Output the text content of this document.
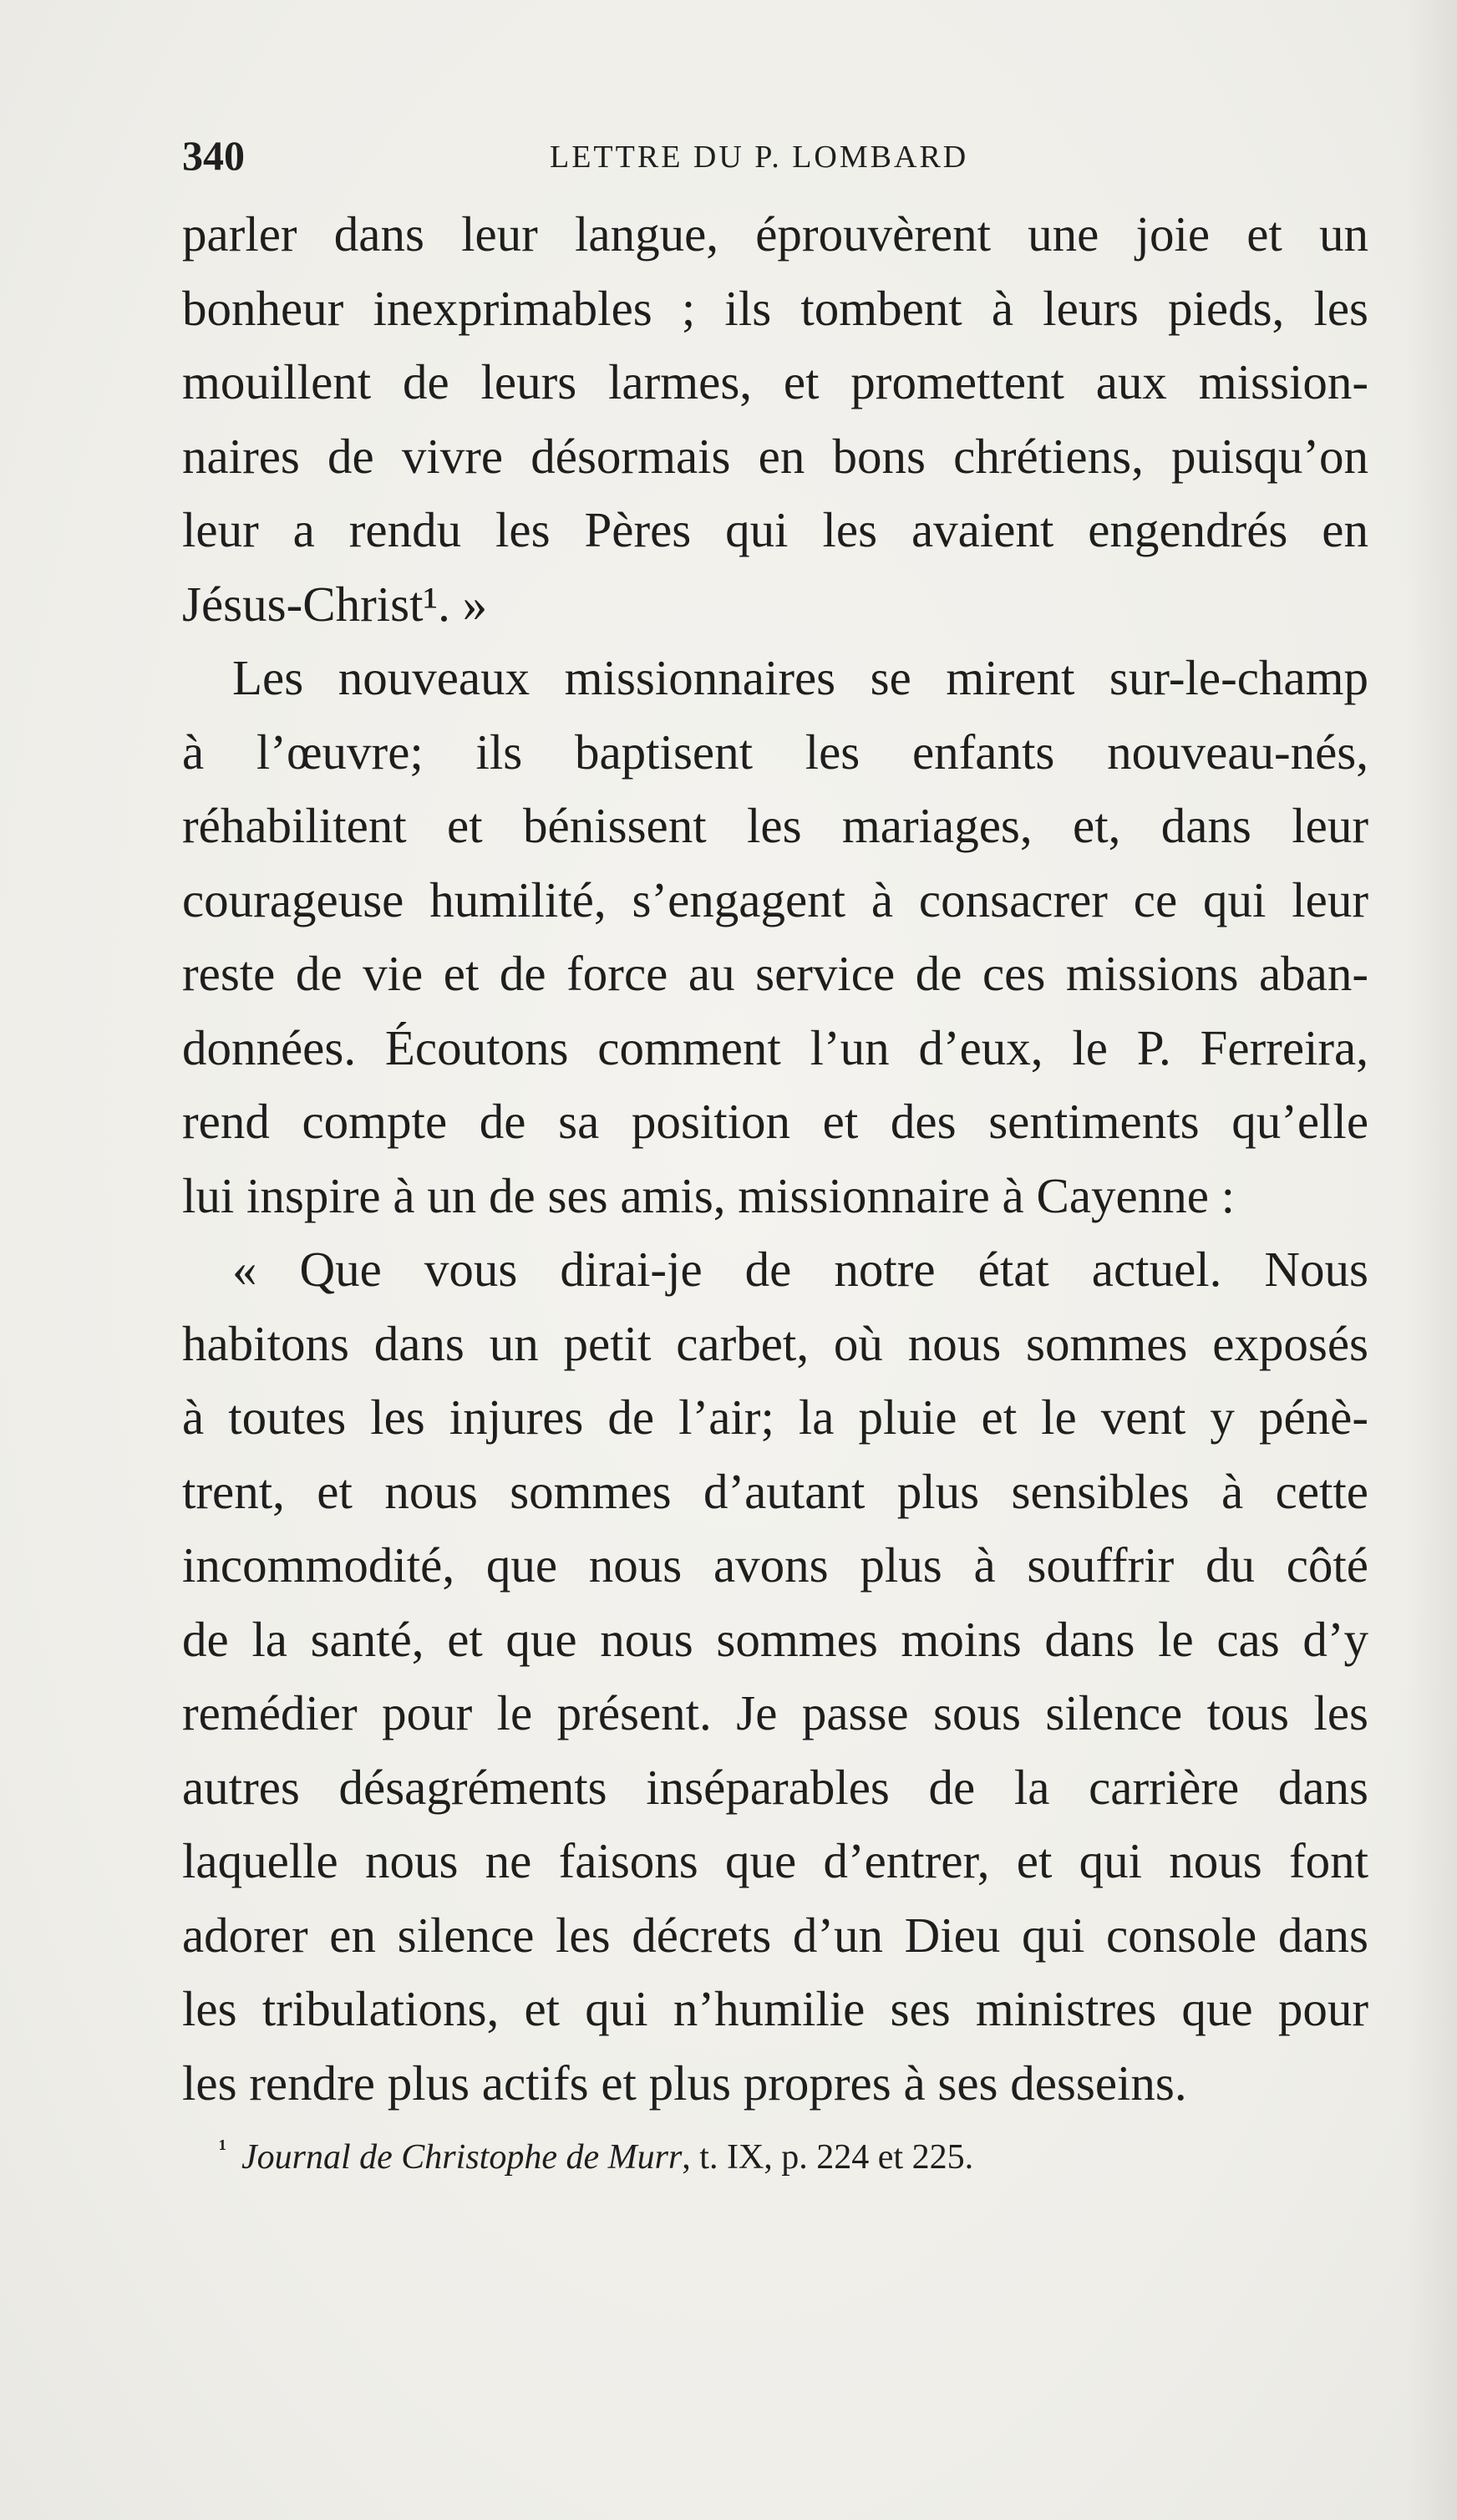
340	LETTRE DU P. LOMBARD
parler dans leur langue, éprouvèrent une joie et un
bonheur inexprimables ; ils tombent à leurs pieds, les
mouillent de leurs larmes, et promettent aux mission-
naires de vivre désormais en bons chrétiens, puisqu’on
leur a rendu les Pères qui les avaient engendrés en
Jésus-Christ¹. »
Les nouveaux missionnaires se mirent sur-le-champ
à l’œuvre; ils baptisent les enfants nouveau-nés,
réhabilitent et bénissent les mariages, et, dans leur
courageuse humilité, s’engagent à consacrer ce qui leur
reste de vie et de force au service de ces missions aban-
données. Écoutons comment l’un d’eux, le P. Ferreira,
rend compte de sa position et des sentiments qu’elle
lui inspire à un de ses amis, missionnaire à Cayenne :
« Que vous dirai-je de notre état actuel. Nous
habitons dans un petit carbet, où nous sommes exposés
à toutes les injures de l’air; la pluie et le vent y pénè-
trent, et nous sommes d’autant plus sensibles à cette
incommodité, que nous avons plus à souffrir du côté
de la santé, et que nous sommes moins dans le cas d’y
remédier pour le présent. Je passe sous silence tous les
autres désagréments inséparables de la carrière dans
laquelle nous ne faisons que d’entrer, et qui nous font
adorer en silence les décrets d’un Dieu qui console dans
les tribulations, et qui n’humilie ses ministres que pour
les rendre plus actifs et plus propres à ses desseins.
$^{^1}$ Journal de Christophe de Murr, t. IX, p. 224 et 225.
